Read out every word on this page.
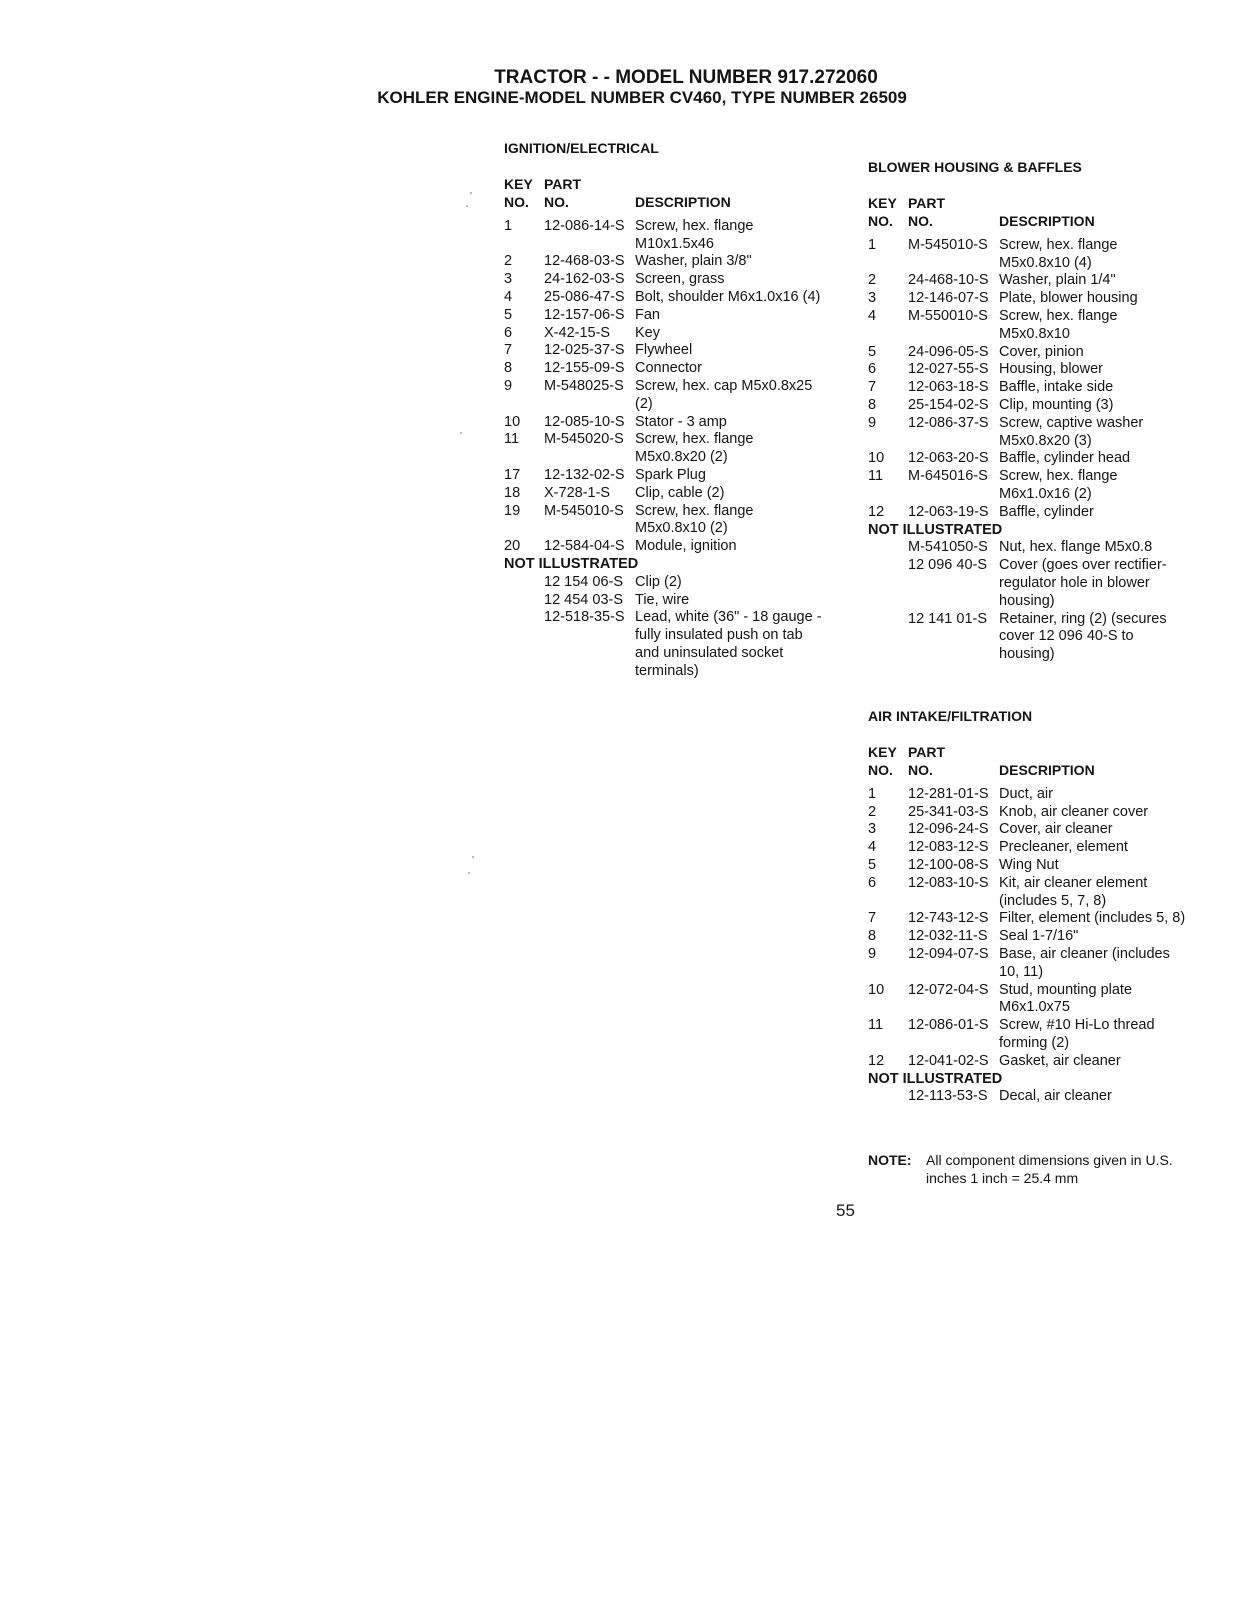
TRACTOR - - MODEL NUMBER 917.272060
KOHLER ENGINE-MODEL NUMBER CV460, TYPE NUMBER 26509
IGNITION/ELECTRICAL
KEY
NO.
PART
NO.	DESCRIPTION
1 12-086-14-S Screw, hex. flange
M10x1.5x46
2 12-468-03-S Washer, plain 3/8"
3 24-162-03-S Screen, grass
4 25-086-47-S Bolt, shoulder M6x1.0x16 (4)
5 12-157-06-S Fan
6 X-42-15-S Key
7 12-025-37-S Flywheel
8 12-155-09-S Connector
9 M-548025-S Screw, hex. cap M5x0.8x25
(2)
10 12-085-10-S Stator - 3 amp
11 M-545020-S Screw, hex. flange
M5x0.8x20 (2)
17 12-132-02-S Spark Plug
18 X-728-1-S Clip, cable (2)
19 M-545010-S Screw, hex. flange
M5x0.8x10 (2)
20 12-584-04-S Module, ignition
NOT ILLUSTRATED
12 154 06-S Clip (2)
12 454 03-S Tie, wire
12-518-35-S Lead, white (36" - 18 gauge -
fully insulated push on tab
and uninsulated socket
terminals)
BLOWER HOUSING & BAFFLES
KEY
NO.
PART
NO.	DESCRIPTION
1 M-545010-S Screw, hex. flange
M5x0.8x10 (4)
2 24-468-10-S Washer, plain 1/4"
3 12-146-07-S Plate, blower housing
4 M-550010-S Screw, hex. flange
M5x0.8x10
5 24-096-05-S Cover, pinion
6 12-027-55-S Housing, blower
7 12-063-18-S Baffle, intake side
8 25-154-02-S Clip, mounting (3)
9 12-086-37-S Screw, captive washer
M5x0.8x20 (3)
10 12-063-20-S Baffle, cylinder head
11 M-645016-S Screw, hex. flange
M6x1.0x16 (2)
12 12-063-19-S Baffle, cylinder
NOT ILLUSTRATED
M-541050-S Nut, hex. flange M5x0.8
12 096 40-S Cover (goes over rectifier-
regulator hole in blower
housing)
12 141 01-S Retainer, ring (2) (secures
cover 12 096 40-S to
housing)
AIR INTAKE/FILTRATION
KEY
NO.
PART
NO.	DESCRIPTION
1 12-281-01-S Duct, air
2 25-341-03-S Knob, air cleaner cover
3 12-096-24-S Cover, air cleaner
4 12-083-12-S Precleaner, element
5 12-100-08-S Wing Nut
6 12-083-10-S Kit, air cleaner element
(includes 5, 7, 8)
7 12-743-12-S Filter, element (includes 5, 8)
8 12-032-11-S Seal 1-7/16"
9 12-094-07-S Base, air cleaner (includes
10, 11)
10 12-072-04-S Stud, mounting plate
M6x1.0x75
11 12-086-01-S Screw, #10 Hi-Lo thread
forming (2)
12 12-041-02-S Gasket, air cleaner
NOT ILLUSTRATED
12-113-53-S Decal, air cleaner
NOTE: All component dimensions given in U.S.
inches 1 inch = 25.4 mm
55
